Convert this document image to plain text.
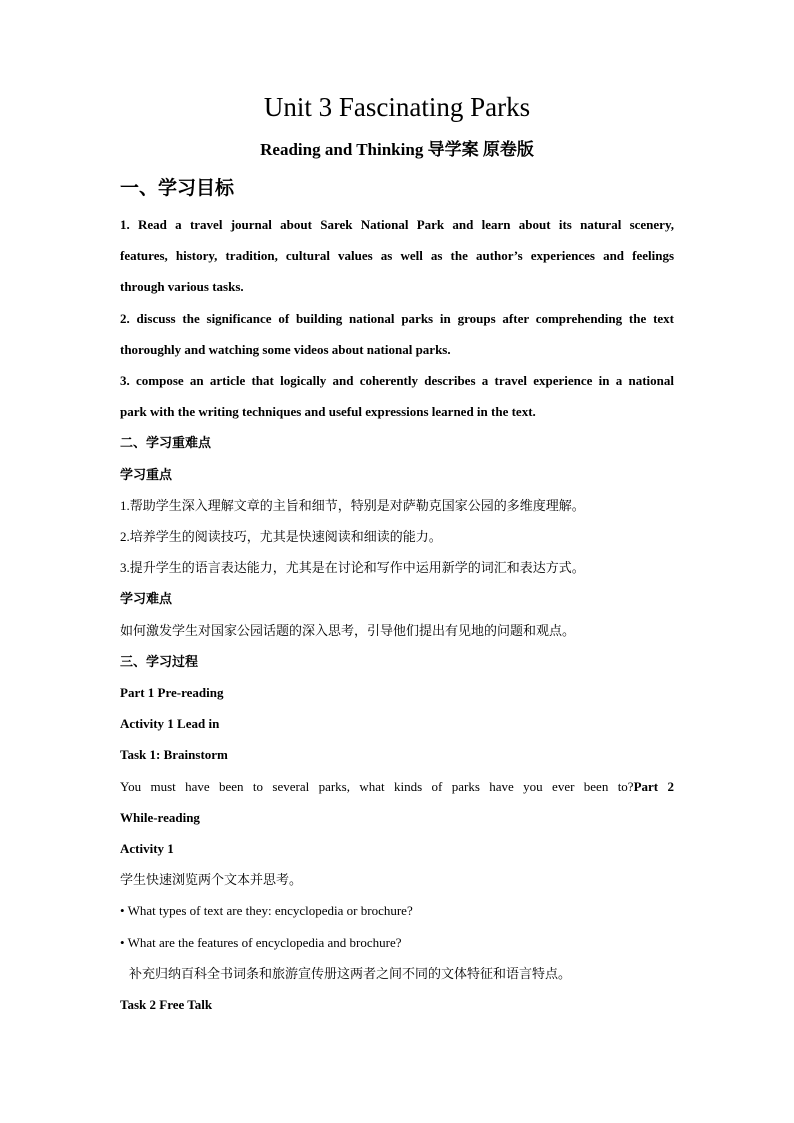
Unit 3 Fascinating Parks
Reading and Thinking 导学案 原卷版

一、学习目标

1. Read a travel journal about Sarek National Park and learn about its natural scenery,

features, history, tradition, cultural values as well as the author’s experiences and feelings

through various tasks.

2. discuss the significance of building national parks in groups after comprehending the text

thoroughly and watching some videos about national parks.

3. compose an article that logically and coherently describes a travel experience in a national

park with the writing techniques and useful expressions learned in the text.

二、学习重难点

学习重点

1.帮助学生深入理解文章的主旨和细节，特别是对萨勒克国家公园的多维度理解。

2.培养学生的阅读技巧，尤其是快速阅读和细读的能力。

3.提升学生的语言表达能力，尤其是在讨论和写作中运用新学的词汇和表达方式。

学习难点

如何激发学生对国家公园话题的深入思考，引导他们提出有见地的问题和观点。

三、学习过程

Part 1 Pre-reading

Activity 1 Lead in

Task 1: Brainstorm

You must have been to several parks, what kinds of parks have you ever been to?Part 2

While-reading

Activity 1

学生快速浏览两个文本并思考。

• What types of text are they: encyclopedia or brochure?

• What are the features of encyclopedia and brochure?

补充归纳百科全书词条和旅游宣传册这两者之间不同的文体特征和语言特点。

Task 2 Free Talk
